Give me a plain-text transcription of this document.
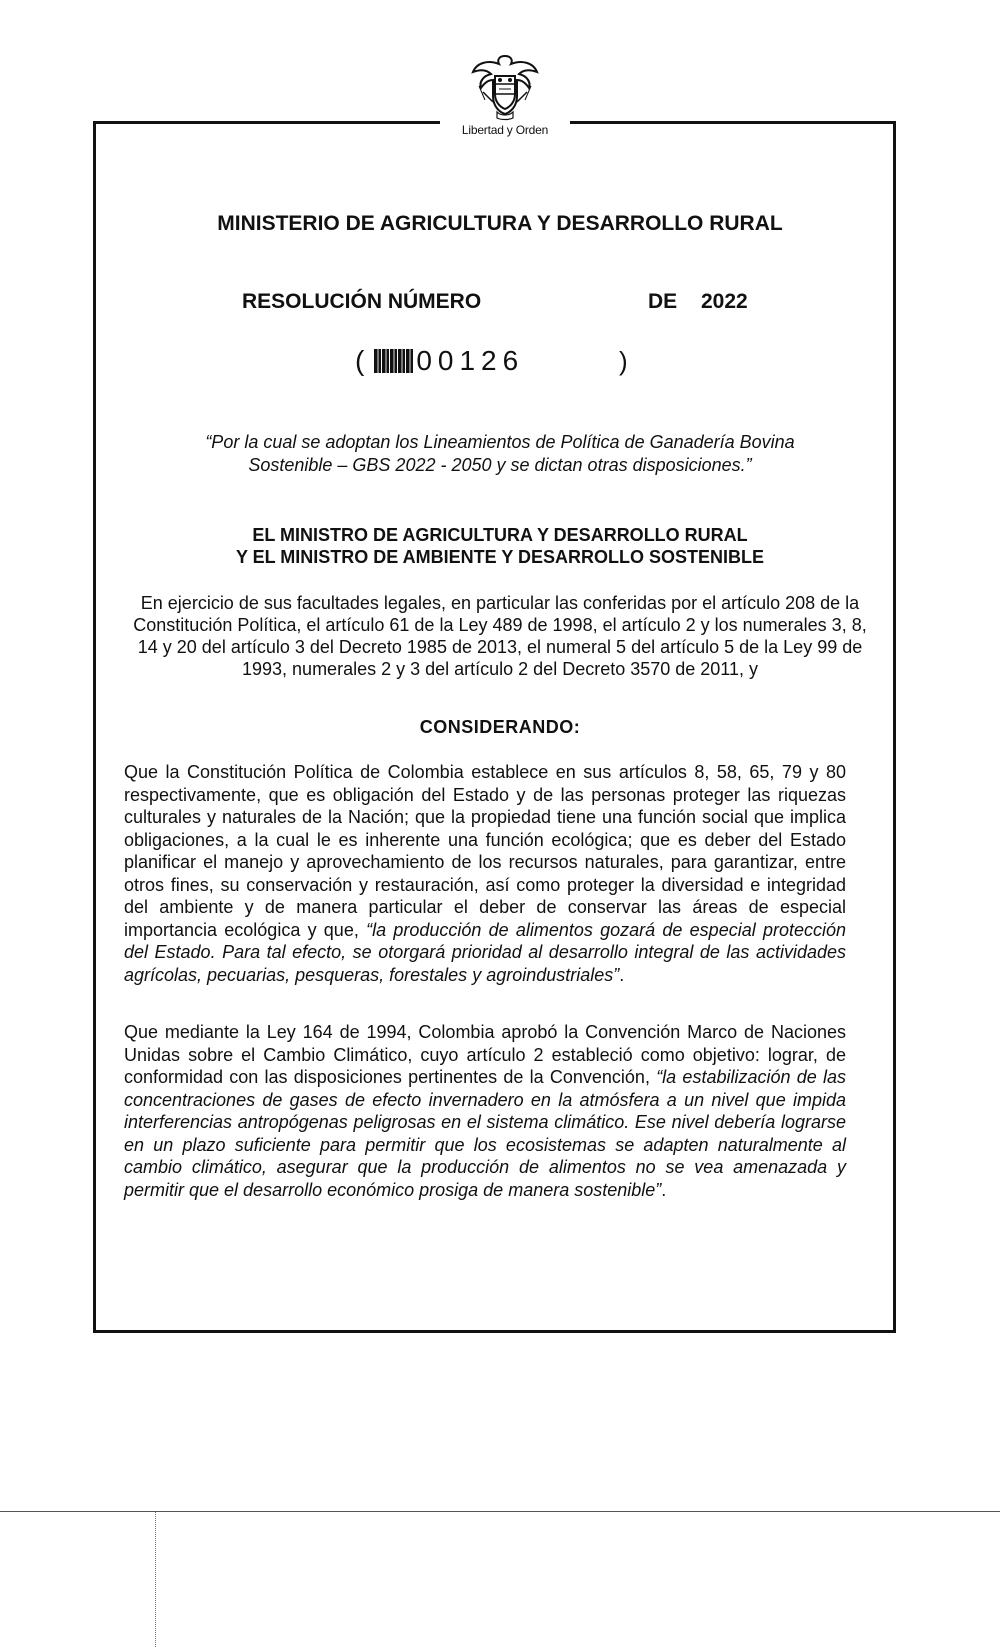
Libertad y Orden
MINISTERIO DE AGRICULTURA Y DESARROLLO RURAL
RESOLUCIÓN NÚMERO	DE 2022
( 00126	)
“Por la cual se adoptan los Lineamientos de Política de Ganadería Bovina
Sostenible – GBS 2022 - 2050 y se dictan otras disposiciones.”
EL MINISTRO DE AGRICULTURA Y DESARROLLO RURAL
Y EL MINISTRO DE AMBIENTE Y DESARROLLO SOSTENIBLE
En ejercicio de sus facultades legales, en particular las conferidas por el artículo 208 de la Constitución Política, el artículo 61 de la Ley 489 de 1998, el artículo 2 y los numerales 3, 8, 14 y 20 del artículo 3 del Decreto 1985 de 2013, el numeral 5 del artículo 5 de la Ley 99 de 1993, numerales 2 y 3 del artículo 2 del Decreto 3570 de 2011, y
CONSIDERANDO:
Que la Constitución Política de Colombia establece en sus artículos 8, 58, 65, 79 y 80 respectivamente, que es obligación del Estado y de las personas proteger las riquezas culturales y naturales de la Nación; que la propiedad tiene una función social que implica obligaciones, a la cual le es inherente una función ecológica; que es deber del Estado planificar el manejo y aprovechamiento de los recursos naturales, para garantizar, entre otros fines, su conservación y restauración, así como proteger la diversidad e integridad del ambiente y de manera particular el deber de conservar las áreas de especial importancia ecológica y que, “la producción de alimentos gozará de especial protección del Estado. Para tal efecto, se otorgará prioridad al desarrollo integral de las actividades agrícolas, pecuarias, pesqueras, forestales y agroindustriales”.
Que mediante la Ley 164 de 1994, Colombia aprobó la Convención Marco de Naciones Unidas sobre el Cambio Climático, cuyo artículo 2 estableció como objetivo: lograr, de conformidad con las disposiciones pertinentes de la Convención, “la estabilización de las concentraciones de gases de efecto invernadero en la atmósfera a un nivel que impida interferencias antropógenas peligrosas en el sistema climático. Ese nivel debería lograrse en un plazo suficiente para permitir que los ecosistemas se adapten naturalmente al cambio climático, asegurar que la producción de alimentos no se vea amenazada y permitir que el desarrollo económico prosiga de manera sostenible”.
